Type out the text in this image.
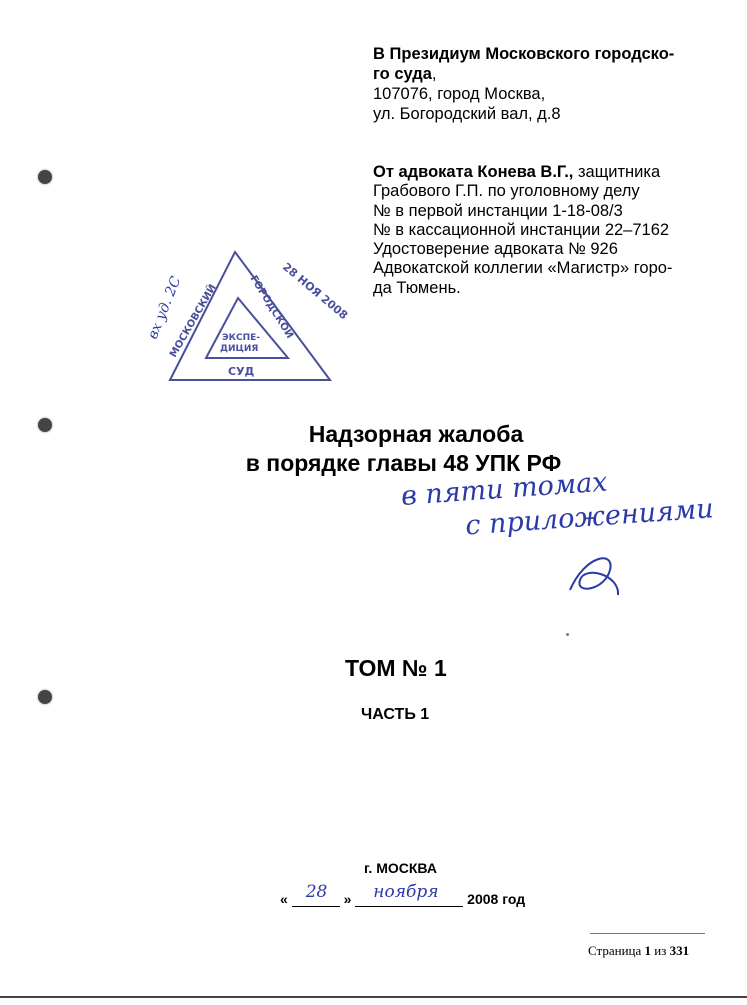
В Президиум Московского городско-
го суда,
107076, город Москва,
ул. Богородский вал, д.8
От адвоката Конева В.Г., защитника
Грабового Г.П. по уголовному делу
№ в первой инстанции 1-18-08/3
№ в кассационной инстанции 22–7162
Удостоверение адвоката № 926
Адвокатской коллегии «Магистр» горо-
да Тюмень.
МОСКОВСКИЙ	ГОРОДСКОЙ
СУД
ЭКСПЕ-
ДИЦИЯ
28 НОЯ 2008
вх уд. 2С
Надзорная жалоба
в порядке главы 48 УПК РФ
в пяти томах
с приложениями
ТОМ № 1
ЧАСТЬ 1
г. МОСКВА
« 28 » ноября 2008 год
Страница 1 из 331
